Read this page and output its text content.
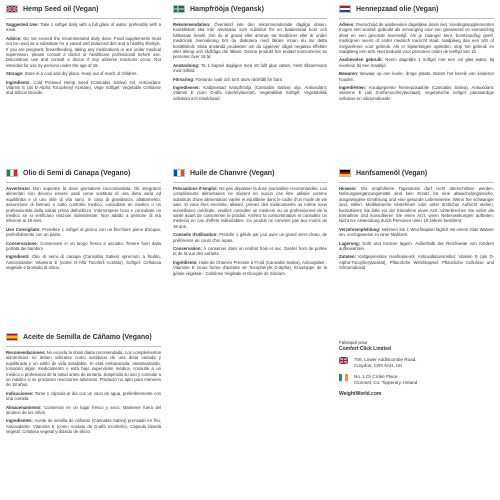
Hemp Seed oil (Vegan)

Suggested Use: Take 1 softgel daily with a full glass of water, preferably with a meal.

Advice: Do not exceed the recommended daily dose. Food supplements must not be used as a substitute for a varied and balanced diet and a healthy lifestyle. If you are pregnant, breastfeeding, taking any medications or are under medical supervision, please consult a doctor or healthcare professional before use. Discontinue use and consult a doctor if any adverse reactions occur. Not intended for use by persons under the age of 18.

Storage: Store in a cool and dry place. Keep out of reach of children.

Ingredients: Cold Pressed Hemp Seed (Cannabis Sativa) Oil, Antioxidant: Vitamin E (as D-Alpha Tocopheryl Acetate), Vege Softgel: Vegetable Cellulose and Silicon Dioxide.

Hampfrööja (Vegansk)

Rekommendation: Överskrid inte den rekommenderade dagliga dosen. Kosttillskott ska inte användas som substitut för en balanserad kost och hälsosam livsstil. Om du är gravid eller ammar, tar mediciner eller är under medicinsk övervakning bör du diskutera med läkare innan du tar detta kosttillskott. Sluta använda produkten om du upplever några negativa effekter eller allergi och rådfråga din läkare. Denna produkt bör endast konsumeras av personer över 18 år.

Användning: Ta 1 kapsel dagligen med ett fullt glas vatten, helst tillsammans med måltid.

Förvaring: Förvaras svalt och torrt utom räckhåll för barn.

Ingredienser: Kallpressad hampfröolja (Cannabis Sativa) olja, Antioxidant: Vitamin E (som D-alfa tokoferylacetat), Vegetabilisk Softgel: Vegetabilisk cellulosa och Kiseldioxid.

Hennepzaad olie (Vegan)

Advies: Overschrijd de aanbevolen dagelijkse dosis niet. Voedingssupplementen mogen niet worden gebruikt als vervanging voor een gevarieerd en evenwichtig dieet en een gezonde levensstijl. Als je zwanger bent, borstvoeding geeft, medicijnen neemt of onder medisch toezicht staat, raadpleeg dan een arts of zorgverlener voor gebruik. Als er bijwerkingen optreden, stop het gebruik en raadpleeg een arts. Niet bedoeld voor personen onder de leeftijd van 18.

Aanbevolen gebruik: Neem dagelijks 1 softgel met een vol glas water, bij voorkeur bij een maaltijd.

Bewaren: Bewaar op een koele, droge plaats. Buiten het bereik van kinderen houden.

Ingrediënten: Koudgeperste hennepzaadolie (Cannabis Sativa), Antioxidant: vitamine E (als D-alfa-tocoferylacetaat), vegetarische softgel: plantaardige cellulose en siliciumdioxide

Olio di Semi di Canapa (Vegano)

Avvertenze: Non superare la dose giornaliera raccomandata. Gli integratori alimentari non devono essere usati come sostituto di una dieta varia ed equilibrata e di uno stile di vita sano. In caso di gravidanza, allattamento, assunzione di farmaci o sotto controllo medico, consultare un medico o un professionista della salute prima dell'utilizzo. Interrompere l'uso e consultare un medico se si verificano reazioni indesiderate. Non adatto a persone di età inferiore ai 18 anni.

Uso Consigliato: Prendere 1 softgel al giorno con un bicchiere pieno d'acqua, preferibilmente con un pasto.

Conservazione: Conservare in un luogo fresco e asciutto. Tenere fuori dalla portata dei bambini.

Ingredienti: Olio di semi di canapa (Cannabis Sativa) spremuto a freddo, Antiossidante: Vitamina E (come D-Alfa Tocoferil Acetato), Softgel: Cellulosa vegetale e biossido di silicio.

Huile de Chanvre (Vegan)

Précautions d'emploi: Ne pas dépasser la dose journalière recommandée. Les compléments alimentaires ne doivent en aucun cas être utilisés comme substituts d'une alimentation variée et équilibrée dans le cadre d'un mode de vie sain. Si vous êtes enceinte, allaitez, prenez des médicaments ou même sous surveillance médicale, veuillez consulter un médecin ou un professionnel de la santé avant de consommer le produit. Arrêtez la consommation et consultez un médecin en cas d'effets indésirables. Ce produit ne convient pas aux moins de 18 ans.

Conseils d'utilisation: Prendre 1 gélule par jour avec un grand verre d'eau, de préférence au cours d'un repas.

Conservation: À conserver dans un endroit frais et sec. Garder hors de portée et de la vue des enfants.

Ingrédients: Huile de Chanvre Pressée à Froid (Cannabis Sativa), Antioxydant : Vitamine E (sous forme d'acétate de Tocophéryle D-alpha), Enveloppe de la gélule végétale : Cellulose Végétale et Dioxyde de Silicium.

Hanfsamenöl (Vegan)

Hinweis: Die empfohlene Tagesdosis darf nicht überschritten werden. Nahrungsergänzungsmittel sind kein Ersatz für eine abwechslungsreiche, ausgewogene Ernährung und eine gesunde Lebensweise. Wenn Sie schwanger sind, stillen, Medikamente einnehmen oder unter ärztlicher Aufsicht stehen, konsultieren Sie bitte vor der Einnahme einen Arzt. Unterbrechen Sie sofort die Einnahme und konsultieren Sie einen Arzt, wenn Nebenwirkungen auftreten. Nicht zur Anwendung durch Personen unter 18 Jahren bestimmt.

Verzehrempfehlung: Nehmen Sie 1 Weichkapsel täglich mit einem Glas Wasser ein, vorzugsweise zu einer Mahlzeit.

Lagerung: Kühl und trocken lagern. Außerhalb der Reichweite von Kindern aufbewahren.

Zutaten: Kaltgepresstes Hanfsamenöl, Antioxidationsmittel: Vitamin E (als D-Alpha-Tocopherylacetat), Pflanzliche Weichkapsel: Pflanzliche Cellulose und Siliziumdioxid.

Aceite de Semilla de Cáñamo (Vegano)

Recomendaciones: No exceda la dosis diaria recomendada. Los complementos alimenticios no deben utilizarse como sustitutos de una dieta variada y equilibrada y un estilo de vida saludable. Si está embarazada, amamantando, tomando algún medicamento o está bajo supervisión médica, consulte a un médico o profesional de la salud antes de tomarlo. Suspenda su uso y consulte a un médico si se producen reacciones adversas. Producto no apto para menores de 18 años.

Indicaciones: Tome 1 cápsula al día con un vaso de agua, preferiblemente con una comida.

Almacenamiento: Conservar en un lugar fresco y seco. Mantener fuera del alcance de los niños.

Ingredientes: Aceite de semilla de cáñamo (Cannabis Sativa) prensado en frío, Antioxidante: Vitamina E (como Acetato de D-alfa tocoferilo), Cápsula blanda vegetal: Celulosa vegetal y dióxido de silicio

Fabriqué pour
Comfort Click Limited
706, Lower Addiscombe Road,
Croydon, CR0 6AH, UK
No. 1 Dr Croke Place
Clonmel, Co. Tipperary, Ireland
WeightWorld.com
